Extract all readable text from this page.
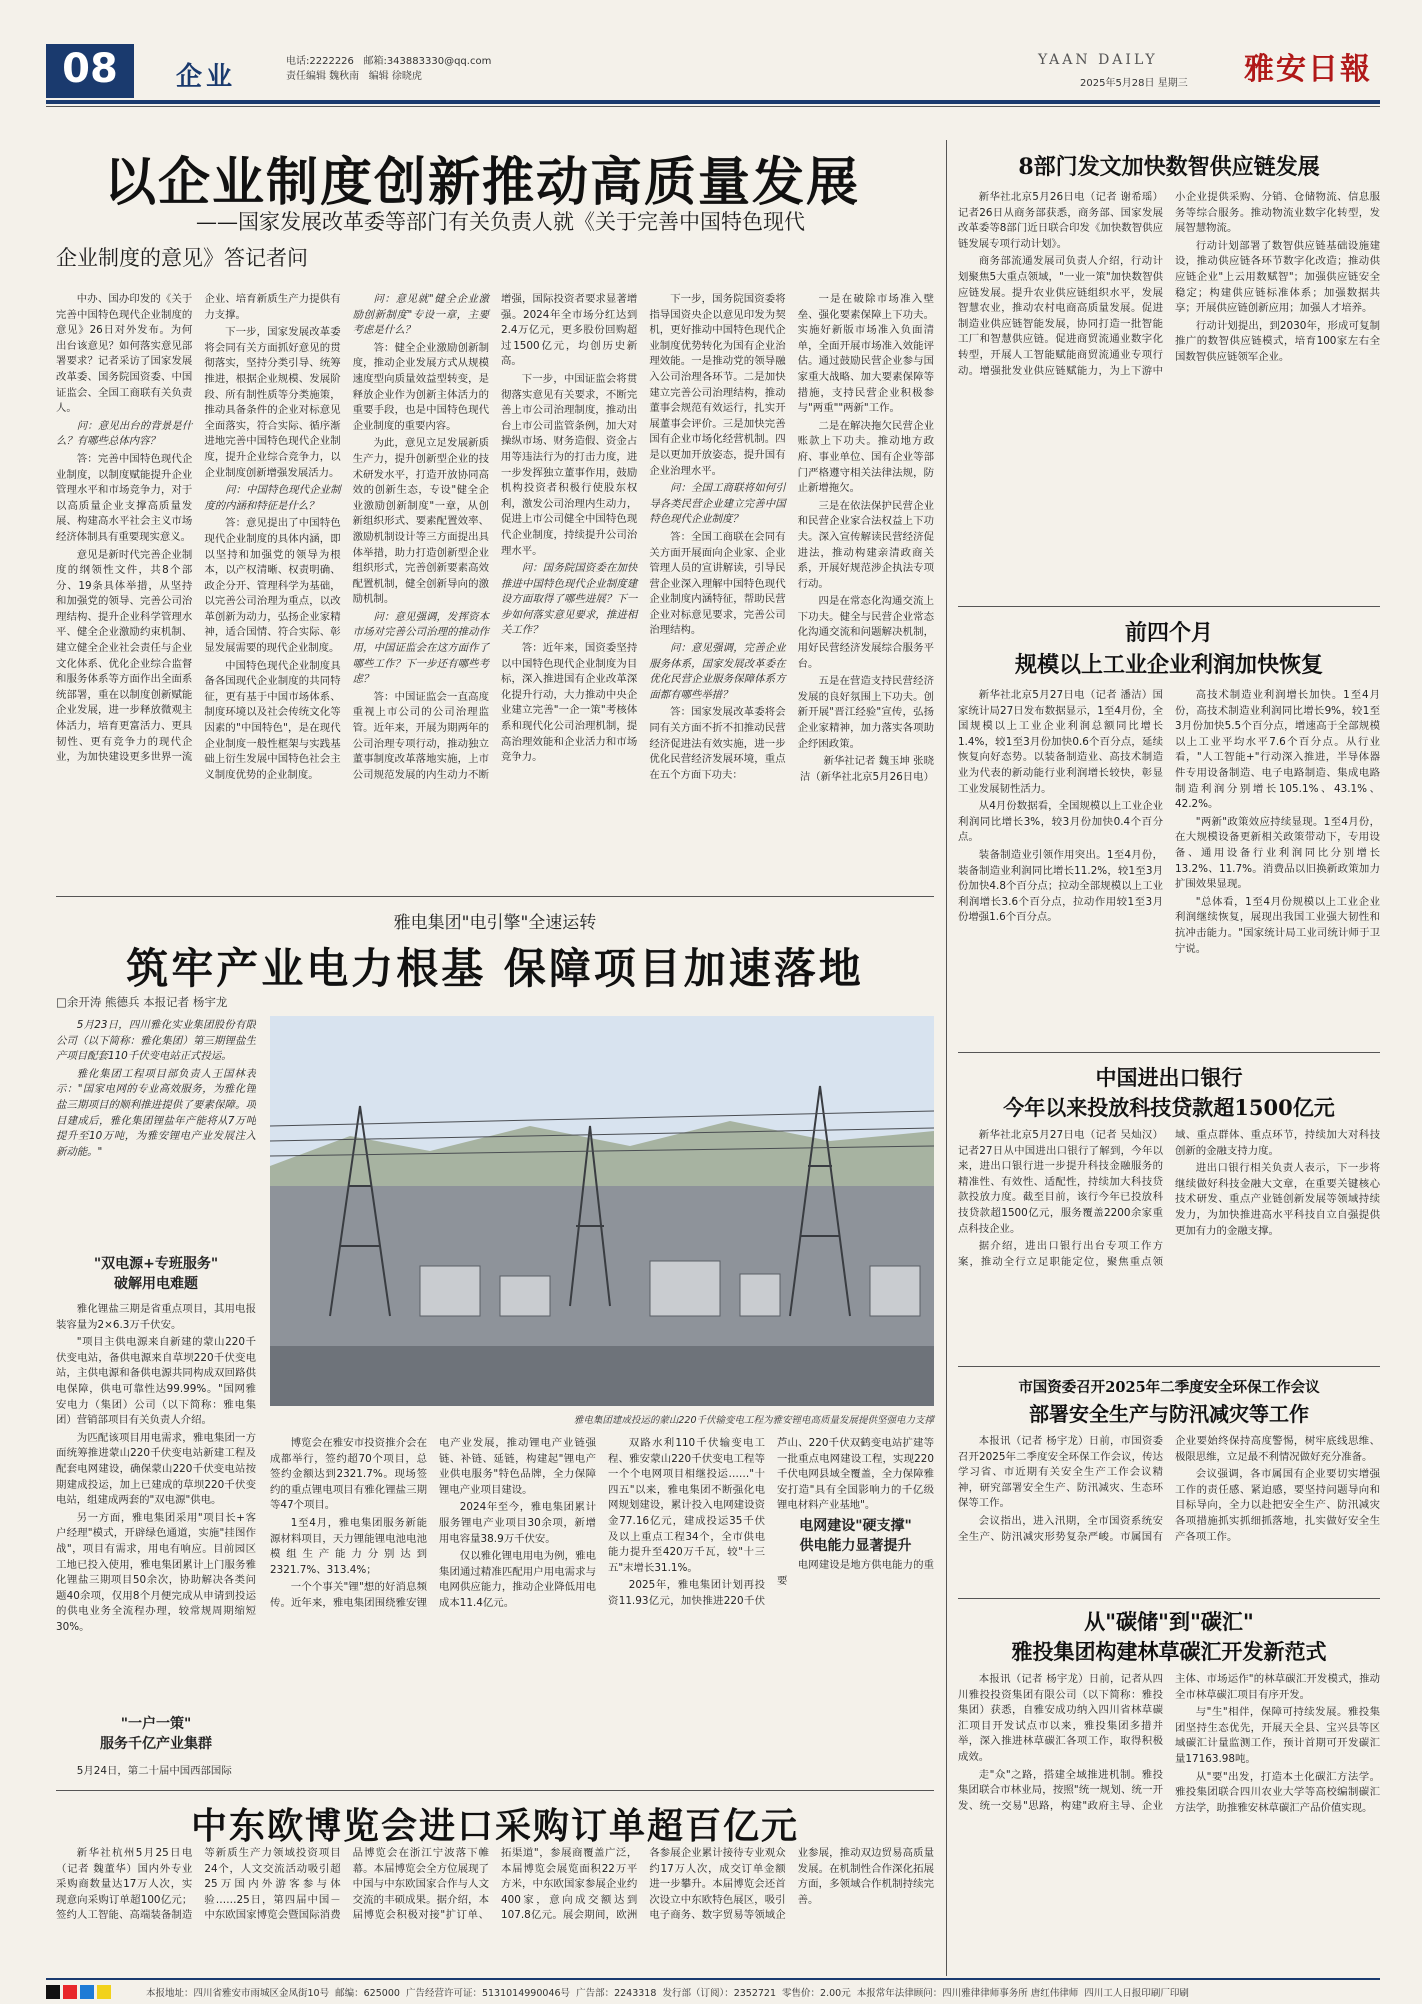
08	企业
电话:2222226 邮箱:343883330@qq.com
责任编辑 魏秋南 编辑 徐晓虎
YAAN DAILY	雅安日報
2025年5月28日 星期三
以企业制度创新推动高质量发展
——国家发展改革委等部门有关负责人就《关于完善中国特色现代
企业制度的意见》答记者问

中办、国办印发的《关于完善中国特色现代企业制度的意见》26日对外发布。为何出台该意见？如何落实意见部署要求？记者采访了国家发展改革委、国务院国资委、中国证监会、全国工商联有关负责人。

问：意见出台的背景是什么？有哪些总体内容？

答：完善中国特色现代企业制度，以制度赋能提升企业管理水平和市场竞争力，对于以高质量企业支撑高质量发展、构建高水平社会主义市场经济体制具有重要现实意义。

意见是新时代完善企业制度的纲领性文件，共8个部分、19条具体举措，从坚持和加强党的领导、完善公司治理结构、提升企业科学管理水平、健全企业激励约束机制、建立健全企业社会责任与企业文化体系、优化企业综合监督和服务体系等方面作出全面系统部署，重在以制度创新赋能企业发展，进一步释放微观主体活力，培育更富活力、更具韧性、更有竞争力的现代企业，为加快建设更多世界一流企业、培育新质生产力提供有力支撑。

下一步，国家发展改革委将会同有关方面抓好意见的贯彻落实，坚持分类引导、统筹推进，根据企业规模、发展阶段、所有制性质等分类施策，推动具备条件的企业对标意见全面落实，符合实际、循序渐进地完善中国特色现代企业制度，提升企业综合竞争力，以企业制度创新增强发展活力。

问：中国特色现代企业制度的内涵和特征是什么？

答：意见提出了中国特色现代企业制度的具体内涵，即以坚持和加强党的领导为根本，以产权清晰、权责明确、政企分开、管理科学为基础，以完善公司治理为重点，以改革创新为动力，弘扬企业家精神，适合国情、符合实际、彰显发展需要的现代企业制度。

中国特色现代企业制度具备各国现代企业制度的共同特征，更有基于中国市场体系、制度环境以及社会传统文化等因素的"中国特色"，是在现代企业制度一般性框架与实践基础上衍生发展中国特色社会主义制度优势的企业制度。

问：意见就"健全企业激励创新制度"专设一章，主要考虑是什么？

答：健全企业激励创新制度，推动企业发展方式从规模速度型向质量效益型转变，是释放企业作为创新主体活力的重要手段，也是中国特色现代企业制度的重要内容。

为此，意见立足发展新质生产力，提升创新型企业的技术研发水平，打造开放协同高效的创新生态，专设"健全企业激励创新制度"一章，从创新组织形式、要素配置效率、激励机制设计等三方面提出具体举措，助力打造创新型企业组织形式，完善创新要素高效配置机制，健全创新导向的激励机制。

问：意见强调，发挥资本市场对完善公司治理的推动作用，中国证监会在这方面作了哪些工作？下一步还有哪些考虑？

答：中国证监会一直高度重视上市公司的公司治理监管。近年来，开展为期两年的公司治理专项行动，推动独立董事制度改革落地实施，上市公司规范发展的内生动力不断增强，国际投资者要求显著增强。2024年全市场分红达到2.4万亿元，更多股份回购超过1500亿元，均创历史新高。

下一步，中国证监会将贯彻落实意见有关要求，不断完善上市公司治理制度，推动出台上市公司监管条例，加大对操纵市场、财务造假、资金占用等违法行为的打击力度，进一步发挥独立董事作用，鼓励机构投资者积极行使股东权利，激发公司治理内生动力，促进上市公司健全中国特色现代企业制度，持续提升公司治理水平。

问：国务院国资委在加快推进中国特色现代企业制度建设方面取得了哪些进展？下一步如何落实意见要求，推进相关工作？

答：近年来，国资委坚持以中国特色现代企业制度为目标，深入推进国有企业改革深化提升行动，大力推动中央企业建立完善"一企一策"考核体系和现代化公司治理机制，提高治理效能和企业活力和市场竞争力。

下一步，国务院国资委将指导国资央企以意见印发为契机，更好推动中国特色现代企业制度优势转化为国有企业治理效能。一是推动党的领导融入公司治理各环节。二是加快建立完善公司治理结构，推动董事会规范有效运行，扎实开展董事会评价。三是加快完善国有企业市场化经营机制。四是以更加开放姿态，提升国有企业治理水平。

问：全国工商联将如何引导各类民营企业建立完善中国特色现代企业制度？

答：全国工商联在会同有关方面开展面向企业家、企业管理人员的宣讲解读，引导民营企业深入理解中国特色现代企业制度内涵特征，帮助民营企业对标意见要求，完善公司治理结构。

问：意见强调，完善企业服务体系，国家发展改革委在优化民营企业服务保障体系方面都有哪些举措？

答：国家发展改革委将会同有关方面不折不扣推动民营经济促进法有效实施，进一步优化民营经济发展环境，重点在五个方面下功夫：

一是在破除市场准入壁垒、强化要素保障上下功夫。实施好新版市场准入负面清单，全面开展市场准入效能评估。通过鼓励民营企业参与国家重大战略、加大要素保障等措施，支持民营企业积极参与"两重""两新"工作。

二是在解决拖欠民营企业账款上下功夫。推动地方政府、事业单位、国有企业等部门严格遵守相关法律法规，防止新增拖欠。

三是在依法保护民营企业和民营企业家合法权益上下功夫。深入宣传解读民营经济促进法，推动构建亲清政商关系，开展好规范涉企执法专项行动。

四是在常态化沟通交流上下功夫。健全与民营企业常态化沟通交流和问题解决机制，用好民营经济发展综合服务平台。

五是在营造支持民营经济发展的良好氛围上下功夫。创新开展"晋江经验"宣传，弘扬企业家精神，加力落实各项助企纾困政策。

新华社记者 魏玉坤 张晓洁（新华社北京5月26日电）

雅电集团"电引擎"全速运转
筑牢产业电力根基 保障项目加速落地
□余开涛 熊德兵 本报记者 杨宇龙

5月23日，四川雅化实业集团股份有限公司（以下简称：雅化集团）第三期锂盐生产项目配套110千伏变电站正式投运。

雅化集团工程项目部负责人王国林表示："国家电网的专业高效服务，为雅化锂盐三期项目的顺利推进提供了要素保障。项目建成后，雅化集团锂盐年产能将从7万吨提升至10万吨，为雅安锂电产业发展注入新动能。"

"双电源+专班服务"
破解用电难题

雅化锂盐三期是省重点项目，其用电报装容量为2×6.3万千伏安。

"项目主供电源来自新建的蒙山220千伏变电站，备供电源来自草坝220千伏变电站，主供电源和备供电源共同构成双回路供电保障，供电可靠性达99.99%。"国网雅安电力（集团）公司（以下简称：雅电集团）营销部项目有关负责人介绍。

为匹配该项目用电需求，雅电集团一方面统筹推进蒙山220千伏变电站新建工程及配套电网建设，确保蒙山220千伏变电站按期建成投运，加上已建成的草坝220千伏变电站，组建成两套的"双电源"供电。

另一方面，雅电集团采用"项目长+客户经理"模式，开辟绿色通道，实施"挂图作战"，项目有需求，用电有响应。目前园区工地已投入使用，雅电集团累计上门服务雅化锂盐三期项目50余次，协助解决各类问题40余项，仅用8个月便完成从申请到投运的供电业务全流程办理，较常规周期缩短30%。

"一户一策"
服务千亿产业集群

5月24日，第二十届中国西部国际

雅电集团建成投运的蒙山220千伏输变电工程为雅安锂电高质量发展提供坚强电力支撑

博览会在雅安市投资推介会在成都举行，签约超70个项目，总签约金额达到2321.7%。现场签约的重点锂电项目有雅化锂盐三期等47个项目。

1至4月，雅电集团服务新能源材料项目，天力锂能锂电池电池模组生产能力分别达到2321.7%、313.4%；

一个个事关"锂"想的好消息频传。近年来，雅电集团围绕雅安锂电产业发展，推动锂电产业链强链、补链、延链，构建起"锂电产业供电服务"特色品牌，全力保障锂电产业项目建设。

2024年至今，雅电集团累计服务锂电产业项目30余项，新增用电容量38.9万千伏安。

仅以雅化锂电用电为例，雅电集团通过精准匹配用户用电需求与电网供应能力，推动企业降低用电成本11.4亿元。

双路水利110千伏输变电工程、雅安蒙山220千伏变电工程等一个个电网项目相继投运……"十四五"以来，雅电集团不断强化电网规划建设，累计投入电网建设资金77.16亿元，建成投运35千伏及以上重点工程34个，全市供电能力提升至420万千瓦，较"十三五"末增长31.1%。

2025年，雅电集团计划再投资11.93亿元，加快推进220千伏芦山、220千伏双鹤变电站扩建等一批重点电网建设工程，实现220千伏电网县域全覆盖，全力保障雅安打造"具有全国影响力的千亿级锂电材料产业基地"。

电网建设"硬支撑"
供电能力显著提升

电网建设是地方供电能力的重要

中东欧博览会进口采购订单超百亿元

新华社杭州5月25日电（记者 魏董华）国内外专业采购商数量达17万人次，实现意向采购订单超100亿元；签约人工智能、高端装备制造等新质生产力领域投资项目24个，人文交流活动吸引超25万国内外游客参与体验……25日，第四届中国－中东欧国家博览会暨国际消费品博览会在浙江宁波落下帷幕。本届博览会全方位展现了中国与中东欧国家合作与人文交流的丰硕成果。据介绍，本届博览会积极对接"扩订单、拓渠道"，参展商覆盖广泛，本届博览会展览面积22万平方米，中东欧国家参展企业约400家，意向成交额达到107.8亿元。展会期间，欧洲各参展企业累计接待专业观众约17万人次，成交订单金额进一步攀升。本届博览会还首次设立中东欧特色展区，吸引电子商务、数字贸易等领域企业参展，推动双边贸易高质量发展。在机制性合作深化拓展方面，多领域合作机制持续完善。

8部门发文加快数智供应链发展

新华社北京5月26日电（记者 谢希瑶）记者26日从商务部获悉，商务部、国家发展改革委等8部门近日联合印发《加快数智供应链发展专项行动计划》。

商务部流通发展司负责人介绍，行动计划聚焦5大重点领域，"一业一策"加快数智供应链发展。提升农业供应链组织水平，发展智慧农业，推动农村电商高质量发展。促进制造业供应链智能发展，协同打造一批智能工厂和智慧供应链。促进商贸流通业数字化转型，开展人工智能赋能商贸流通业专项行动。增强批发业供应链赋能力，为上下游中小企业提供采购、分销、仓储物流、信息服务等综合服务。推动物流业数字化转型，发展智慧物流。

行动计划部署了数智供应链基础设施建设，推动供应链各环节数字化改造；推动供应链企业"上云用数赋智"；加强供应链安全稳定；构建供应链标准体系；加强数据共享；开展供应链创新应用；加强人才培养。

行动计划提出，到2030年，形成可复制推广的数智供应链模式，培育100家左右全国数智供应链领军企业。

前四个月
规模以上工业企业利润加快恢复

新华社北京5月27日电（记者 潘洁）国家统计局27日发布数据显示，1至4月份，全国规模以上工业企业利润总额同比增长1.4%，较1至3月份加快0.6个百分点，延续恢复向好态势。以装备制造业、高技术制造业为代表的新动能行业利润增长较快，彰显工业发展韧性活力。

从4月份数据看，全国规模以上工业企业利润同比增长3%，较3月份加快0.4个百分点。

装备制造业引领作用突出。1至4月份，装备制造业利润同比增长11.2%，较1至3月份加快4.8个百分点；拉动全部规模以上工业利润增长3.6个百分点，拉动作用较1至3月份增强1.6个百分点。

高技术制造业利润增长加快。1至4月份，高技术制造业利润同比增长9%，较1至3月份加快5.5个百分点，增速高于全部规模以上工业平均水平7.6个百分点。从行业看，"人工智能+"行动深入推进，半导体器件专用设备制造、电子电路制造、集成电路制造利润分别增长105.1%、43.1%、42.2%。

"两新"政策效应持续显现。1至4月份，在大规模设备更新相关政策带动下，专用设备、通用设备行业利润同比分别增长13.2%、11.7%。消费品以旧换新政策加力扩围效果显现。

"总体看，1至4月份规模以上工业企业利润继续恢复，展现出我国工业强大韧性和抗冲击能力。"国家统计局工业司统计师于卫宁说。

中国进出口银行
今年以来投放科技贷款超1500亿元

新华社北京5月27日电（记者 吴灿汉）记者27日从中国进出口银行了解到，今年以来，进出口银行进一步提升科技金融服务的精准性、有效性、适配性，持续加大科技贷款投放力度。截至目前，该行今年已投放科技贷款超1500亿元，服务覆盖2200余家重点科技企业。

据介绍，进出口银行出台专项工作方案，推动全行立足职能定位，聚焦重点领域、重点群体、重点环节，持续加大对科技创新的金融支持力度。

进出口银行相关负责人表示，下一步将继续做好科技金融大文章，在重要关键核心技术研发、重点产业链创新发展等领域持续发力，为加快推进高水平科技自立自强提供更加有力的金融支撑。

市国资委召开2025年二季度安全环保工作会议
部署安全生产与防汛减灾等工作

本报讯（记者 杨宇龙）日前，市国资委召开2025年二季度安全环保工作会议，传达学习省、市近期有关安全生产工作会议精神，研究部署安全生产、防汛减灾、生态环保等工作。

会议指出，进入汛期，全市国资系统安全生产、防汛减灾形势复杂严峻。市属国有企业要始终保持高度警惕，树牢底线思维、极限思维，立足最不利情况做好充分准备。

会议强调，各市属国有企业要切实增强工作的责任感、紧迫感，要坚持问题导向和目标导向，全力以赴把安全生产、防汛减灾各项措施抓实抓细抓落地，扎实做好安全生产各项工作。

从"碳储"到"碳汇"
雅投集团构建林草碳汇开发新范式

本报讯（记者 杨宇龙）日前，记者从四川雅投投资集团有限公司（以下简称：雅投集团）获悉，自雅安成功纳入四川省林草碳汇项目开发试点市以来，雅投集团多措并举，深入推进林草碳汇各项工作，取得积极成效。

走"众"之路，搭建全域推进机制。雅投集团联合市林业局，按照"统一规划、统一开发、统一交易"思路，构建"政府主导、企业主体、市场运作"的林草碳汇开发模式，推动全市林草碳汇项目有序开发。

与"生"相伴，保障可持续发展。雅投集团坚持生态优先，开展天全县、宝兴县等区域碳汇计量监测工作，预计首期可开发碳汇量17163.98吨。

从"要"出发，打造本土化碳汇方法学。雅投集团联合四川农业大学等高校编制碳汇方法学，助推雅安林草碳汇产品价值实现。

本报地址：四川省雅安市雨城区金凤街10号 邮编：625000 广告经营许可证：5131014990046号 广告部：2243318 发行部（订阅）：2352721 零售价：2.00元 本报常年法律顾问：四川雅律律师事务所 唐红伟律师 四川工人日报印刷厂印刷
